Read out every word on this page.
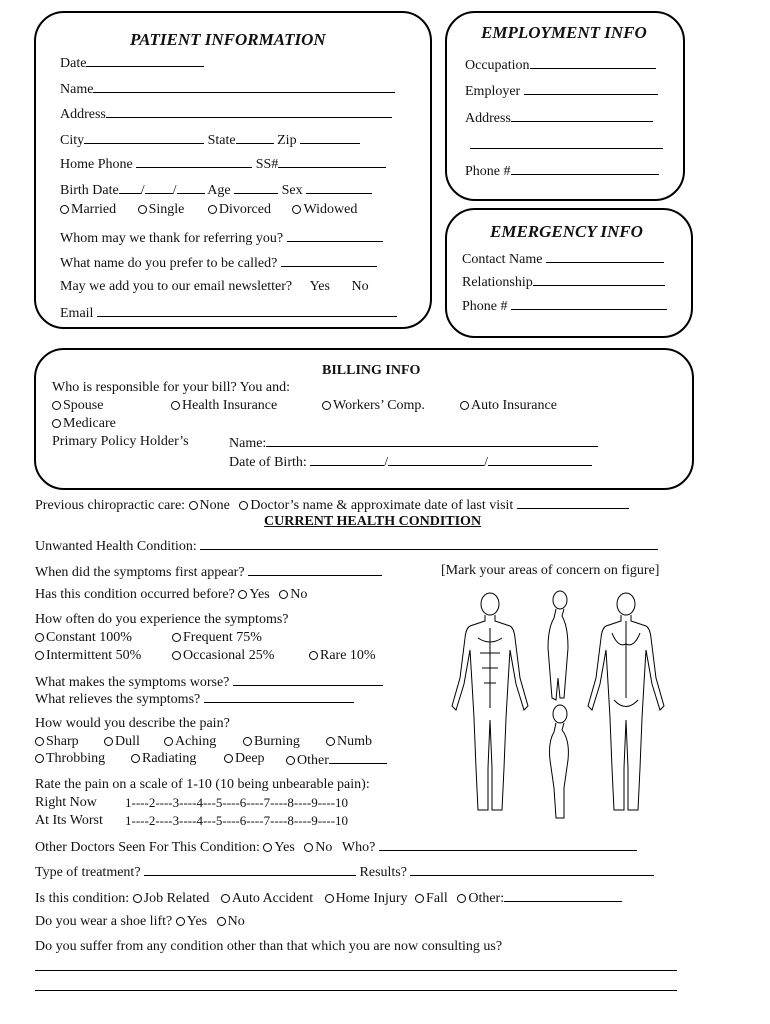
PATIENT INFORMATION
Date
Name
Address
City	State	Zip
Home Phone	SS#
Birth Date / / Age	Sex
Married Single Divorced Widowed
Whom may we thank for referring you?
What name do you prefer to be called?
May we add you to our email newsletter? Yes No
Email
EMPLOYMENT INFO
Occupation
Employer
Address
Phone #
EMERGENCY INFO
Contact Name
Relationship
Phone #
BILLING INFO
Who is responsible for your bill? You and:
Spouse	Health Insurance	Workers’ Comp.	Auto Insurance
Medicare
Primary Policy Holder’s	Name:
Date of Birth:	/	/
Previous chiropractic care: None Doctor’s name & approximate date of last visit
CURRENT HEALTH CONDITION
Unwanted Health Condition:
When did the symptoms first appear?	[Mark your areas of concern on figure]
Has this condition occurred before? Yes No
How often do you experience the symptoms?
Constant 100%	Frequent 75%
Intermittent 50%	Occasional 25%	Rare 10%
What makes the symptoms worse?
What relieves the symptoms?
How would you describe the pain?
Sharp	Dull	Aching	Burning	Numb
Throbbing	Radiating	Deep	Other
Rate the pain on a scale of 1-10 (10 being unbearable pain):
Right Now 1----2----3----4---5----6----7----8----9----10
At Its Worst 1----2----3----4---5----6----7----8----9----10
Other Doctors Seen For This Condition: Yes No Who?
Type of treatment?	Results?
Is this condition: Job Related Auto Accident Home Injury Fall Other:
Do you wear a shoe lift? Yes No
Do you suffer from any condition other than that which you are now consulting us?
